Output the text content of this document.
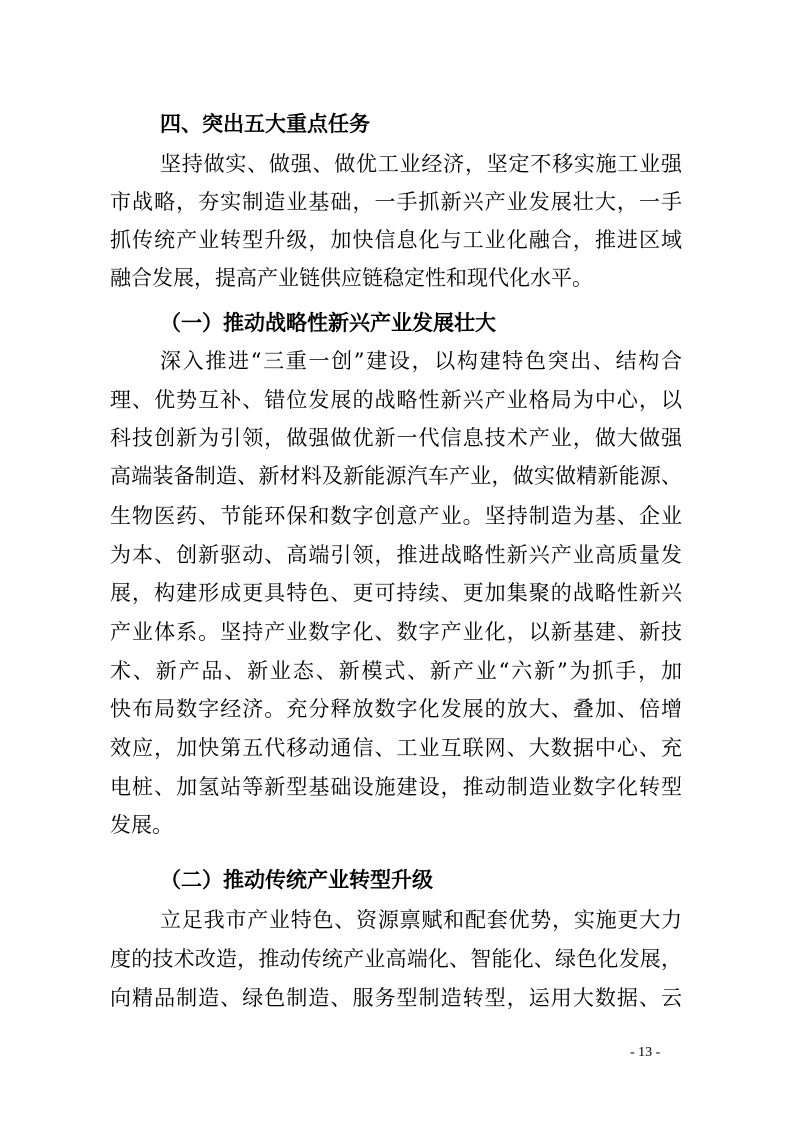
四、突出五大重点任务
坚持做实、做强、做优工业经济，坚定不移实施工业强
市战略，夯实制造业基础，一手抓新兴产业发展壮大，一手
抓传统产业转型升级，加快信息化与工业化融合，推进区域
融合发展，提高产业链供应链稳定性和现代化水平。
（一）推动战略性新兴产业发展壮大
深入推进“三重一创”建设，以构建特色突出、结构合
理、优势互补、错位发展的战略性新兴产业格局为中心，以
科技创新为引领，做强做优新一代信息技术产业，做大做强
高端装备制造、新材料及新能源汽车产业，做实做精新能源、
生物医药、节能环保和数字创意产业。坚持制造为基、企业
为本、创新驱动、高端引领，推进战略性新兴产业高质量发
展，构建形成更具特色、更可持续、更加集聚的战略性新兴
产业体系。坚持产业数字化、数字产业化，以新基建、新技
术、新产品、新业态、新模式、新产业“六新”为抓手，加
快布局数字经济。充分释放数字化发展的放大、叠加、倍增
效应，加快第五代移动通信、工业互联网、大数据中心、充
电桩、加氢站等新型基础设施建设，推动制造业数字化转型
发展。
（二）推动传统产业转型升级
立足我市产业特色、资源禀赋和配套优势，实施更大力
度的技术改造，推动传统产业高端化、智能化、绿色化发展，
向精品制造、绿色制造、服务型制造转型，运用大数据、云
- 13 -
